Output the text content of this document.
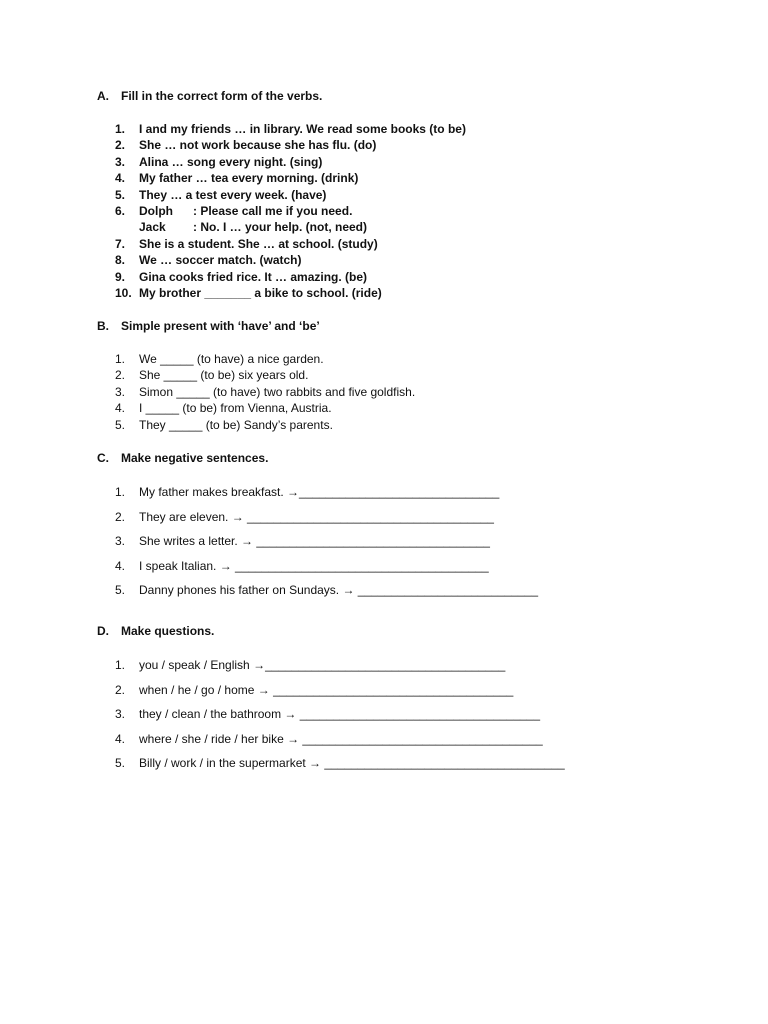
A.	Fill in the correct form of the verbs.
1.	I and my friends … in library. We read some books (to be)
2.	She … not work because she has flu. (do)
3.	Alina … song every night. (sing)
4.	My father … tea every morning. (drink)
5.	They … a test every week. (have)
6.	Dolph : Please call me if you need.
Jack : No. I … your help. (not, need)
7.	She is a student. She … at school. (study)
8.	We … soccer match. (watch)
9.	Gina cooks fried rice. It … amazing. (be)
10. My brother _______ a bike to school. (ride)
B.	Simple present with ‘have’ and ‘be’
1.	We _____ (to have) a nice garden.
2.	She _____ (to be) six years old.
3.	Simon _____ (to have) two rabbits and five goldfish.
4.	I _____ (to be) from Vienna, Austria.
5.	They _____ (to be) Sandy’s parents.
C.	Make negative sentences.
1.	My father makes breakfast. →______________________________
2.	They are eleven. → _____________________________________
3.	She writes a letter. → ___________________________________
4.	I speak Italian. → ______________________________________
5.	Danny phones his father on Sundays. → ___________________________
D.	Make questions.
1.	you / speak / English →____________________________________
2.	when / he / go / home → ____________________________________
3.	they / clean / the bathroom → ____________________________________
4.	where / she / ride / her bike → ____________________________________
5.	Billy / work / in the supermarket → ____________________________________
